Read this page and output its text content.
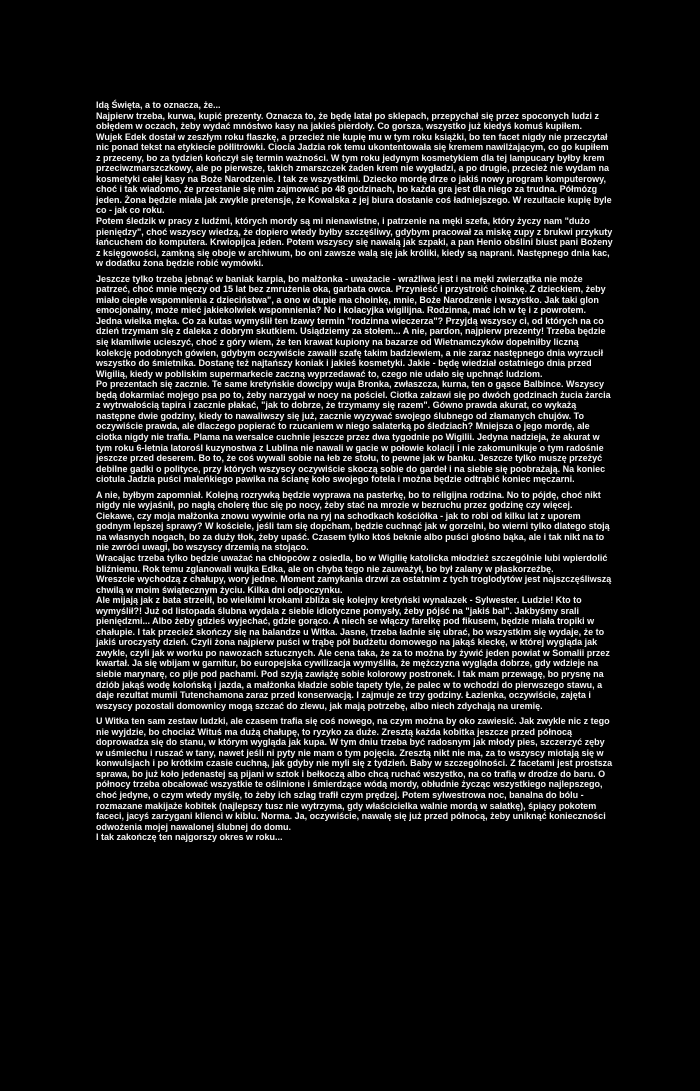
Idą Święta, a to oznacza, że...

Najpierw trzeba, kurwa, kupić prezenty. Oznacza to, że będę latał po sklepach, przepychał się przez spoconych ludzi z obłędem w oczach, żeby wydać mnóstwo kasy na jakieś pierdoły. Co gorsza, wszystko już kiedyś komuś kupiłem.

Wujek Edek dostał w zeszłym roku flaszkę, a przecież nie kupię mu w tym roku książki, bo ten facet nigdy nie przeczytał nic ponad tekst na etykiecie półlitrówki. Ciocia Jadzia rok temu ukontentowała się kremem nawilżającym, co go kupiłem z przeceny, bo za tydzień kończył się termin ważności. W tym roku jedynym kosmetykiem dla tej lampucary byłby krem przeciwzmarszczkowy, ale po pierwsze, takich zmarszczek żaden krem nie wygładzi, a po drugie, przecież nie wydam na kosmetyki całej kasy na Boże Narodzenie. I tak ze wszystkimi. Dziecko mordę drze o jakiś nowy program komputerowy, choć i tak wiadomo, że przestanie się nim zajmować po 48 godzinach, bo każda gra jest dla niego za trudna. Półmózg jeden. Żona będzie miała jak zwykle pretensje, że Kowalska z jej biura dostanie coś ładniejszego. W rezultacie kupię byle co - jak co roku.

Potem śledzik w pracy z ludźmi, których mordy są mi nienawistne, i patrzenie na męki szefa, który życzy nam "dużo pieniędzy", choć wszyscy wiedzą, że dopiero wtedy byłby szczęśliwy, gdybym pracował za miskę zupy z brukwi przykuty łańcuchem do komputera. Krwiopijca jeden. Potem wszyscy się nawalą jak szpaki, a pan Henio obślini biust pani Bożeny z księgowości, zamkną się oboje w archiwum, bo oni zawsze walą się jak króliki, kiedy są naprani. Następnego dnia kac, w dodatku żona będzie robić wymówki.

Jeszcze tylko trzeba jebnąć w baniak karpia, bo małżonka - uważacie - wrażliwa jest i na męki zwierzątka nie może patrzeć, choć mnie męczy od 15 lat bez zmrużenia oka, garbata owca. Przynieść i przystroić choinkę. Z dzieckiem, żeby miało ciepłe wspomnienia z dzieciństwa", a ono w dupie ma choinkę, mnie, Boże Narodzenie i wszystko. Jak taki glon emocjonalny, może mieć jakiekolwiek wspomnienia? No i kolacyjka wigilijna. Rodzinna, mać ich w tę i z powrotem. Jedna wielka męka. Co za kutas wymyślił ten łzawy termin "rodzinna wieczerza"? Przyjdą wszyscy ci, od których na co dzień trzymam się z daleka z dobrym skutkiem. Usiądziemy za stołem... A nie, pardon, najpierw prezenty! Trzeba będzie się kłamliwie ucieszyć, choć z góry wiem, że ten krawat kupiony na bazarze od Wietnamczyków dopełniłby liczną kolekcję podobnych gówien, gdybym oczywiście zawalił szafę takim badziewiem, a nie zaraz następnego dnia wyrzucił wszystko do śmietnika. Dostanę też najtańszy koniak i jakieś kosmetyki. Jakie - będę wiedział ostatniego dnia przed Wigilią, kiedy w pobliskim supermarkecie zaczną wyprzedawać to, czego nie udało się upchnąć ludziom.

Po prezentach się zacznie. Te same kretyńskie dowcipy wuja Bronka, zwłaszcza, kurna, ten o gąsce Balbince. Wszyscy będą dokarmiać mojego psa po to, żeby narzygał w nocy na pościel. Ciotka załzawi się po dwóch godzinach żucia żarcia z wytrwałością tapira i zacznie płakać, "jak to dobrze, że trzymamy się razem". Gówno prawda akurat, co wykażą następne dwie godziny, kiedy to nawaliwszy się już, zacznie wyzywać swojego ślubnego od złamanych chujów. To oczywiście prawda, ale dlaczego popierać to rzucaniem w niego salaterką po śledziach? Mniejsza o jego mordę, ale ciotka nigdy nie trafia. Plama na wersalce cuchnie jeszcze przez dwa tygodnie po Wigilii. Jedyna nadzieja, że akurat w tym roku 6-letnia latorośl kuzynostwa z Lublina nie nawali w gacie w połowie kolacji i nie zakomunikuje o tym radośnie jeszcze przed deserem. Bo to, że coś wywali sobie na łeb ze stołu, to pewne jak w banku. Jeszcze tylko muszę przeżyć debilne gadki o polityce, przy których wszyscy oczywiście skoczą sobie do gardeł i na siebie się poobrażają. Na koniec ciotula Jadzia puści maleńkiego pawika na ścianę koło swojego fotela i można będzie odtrąbić koniec męczarni.

A nie, byłbym zapomniał. Kolejną rozrywką będzie wyprawa na pasterkę, bo to religijna rodzina. No to pójdę, choć nikt nigdy nie wyjaśnił, po nagłą cholerę tłuc się po nocy, żeby stać na mrozie w bezruchu przez godzinę czy więcej. Ciekawe, czy moja małżonka znowu wywinie orła na ryj na schodkach kościółka - jak to robi od kilku lat z uporem godnym lepszej sprawy? W kościele, jeśli tam się dopcham, będzie cuchnąć jak w gorzelni, bo wierni tylko dlatego stoją na własnych nogach, bo za duży tłok, żeby upaść. Czasem tylko ktoś beknie albo puści głośno bąka, ale i tak nikt na to nie zwróci uwagi, bo wszyscy drzemią na stojąco.

Wracając trzeba tylko będzie uważać na chłopców z osiedla, bo w Wigilię katolicka młodzież szczególnie lubi wpierdolić bliźniemu. Rok temu zglanowali wujka Edka, ale on chyba tego nie zauważył, bo był zalany w płaskorzeźbę.

Wreszcie wychodzą z chałupy, wory jedne. Moment zamykania drzwi za ostatnim z tych troglodytów jest najszczęśliwszą chwilą w moim świątecznym życiu. Kilka dni odpoczynku.

Ale mijają jak z bata strzelił, bo wielkimi krokami zbliża się kolejny kretyński wynalazek - Sylwester. Ludzie! Kto to wymyślił?! Już od listopada ślubna wydala z siebie idiotyczne pomysły, żeby pójść na "jakiś bal". Jakbyśmy srali pieniędzmi... Albo żeby gdzieś wyjechać, gdzie gorąco. A niech se włączy farelkę pod fikusem, będzie miała tropiki w chałupie. I tak przecież skończy się na balandze u Witka. Jasne, trzeba ładnie się ubrać, bo wszystkim się wydaje, że to jakiś uroczysty dzień. Czyli żona najpierw puści w trąbę pół budżetu domowego na jakąś kieckę, w której wygląda jak zwykle, czyli jak w worku po nawozach sztucznych. Ale cena taka, że za to można by żywić jeden powiat w Somalii przez kwartał. Ja się wbijam w garnitur, bo europejska cywilizacja wymyśliła, że mężczyzna wygląda dobrze, gdy wdzieje na siebie marynarę, co pije pod pachami. Pod szyją zawiążę sobie kolorowy postronek. I tak mam przewagę, bo prysnę na dziób jakąś wodę kolońską i jazda, a małżonka kładzie sobie tapety tyle, że palec w to wchodzi do pierwszego stawu, a daje rezultat mumii Tutenchamona zaraz przed konserwacją. I zajmuje ze trzy godziny. Łazienka, oczywiście, zajęta i wszyscy pozostali domownicy mogą szczać do zlewu, jak mają potrzebę, albo niech zdychają na uremię.

U Witka ten sam zestaw ludzki, ale czasem trafia się coś nowego, na czym można by oko zawiesić. Jak zwykle nic z tego nie wyjdzie, bo chociaż Wituś ma dużą chałupę, to ryzyko za duże. Zresztą każda kobitka jeszcze przed północą doprowadza się do stanu, w którym wygląda jak kupa. W tym dniu trzeba być radosnym jak młody pies, szczerzyć zęby w uśmiechu i ruszać w tany, nawet jeśli ni pyty nie mam o tym pojęcia. Zresztą nikt nie ma, za to wszyscy miotają się w konwulsjach i po krótkim czasie cuchną, jak gdyby nie myli się z tydzień. Baby w szczególności. Z facetami jest prostsza sprawa, bo już koło jedenastej są pijani w sztok i bełkoczą albo chcą ruchać wszystko, na co trafią w drodze do baru. O północy trzeba obcałować wszystkie te oślinione i śmierdzące wódą mordy, obłudnie życząc wszystkiego najlepszego, choć jedyne, o czym wtedy myślę, to żeby ich szlag trafił czym prędzej. Potem sylwestrowa noc, banalna do bólu - rozmazane makijaże kobitek (najlepszy tusz nie wytrzyma, gdy właścicielka walnie mordą w sałatkę), śpiący pokotem faceci, jacyś zarzygani klienci w kiblu. Norma. Ja, oczywiście, nawalę się już przed północą, żeby uniknąć konieczności odwożenia mojej nawalonej ślubnej do domu.

I tak zakończę ten najgorszy okres w roku...
